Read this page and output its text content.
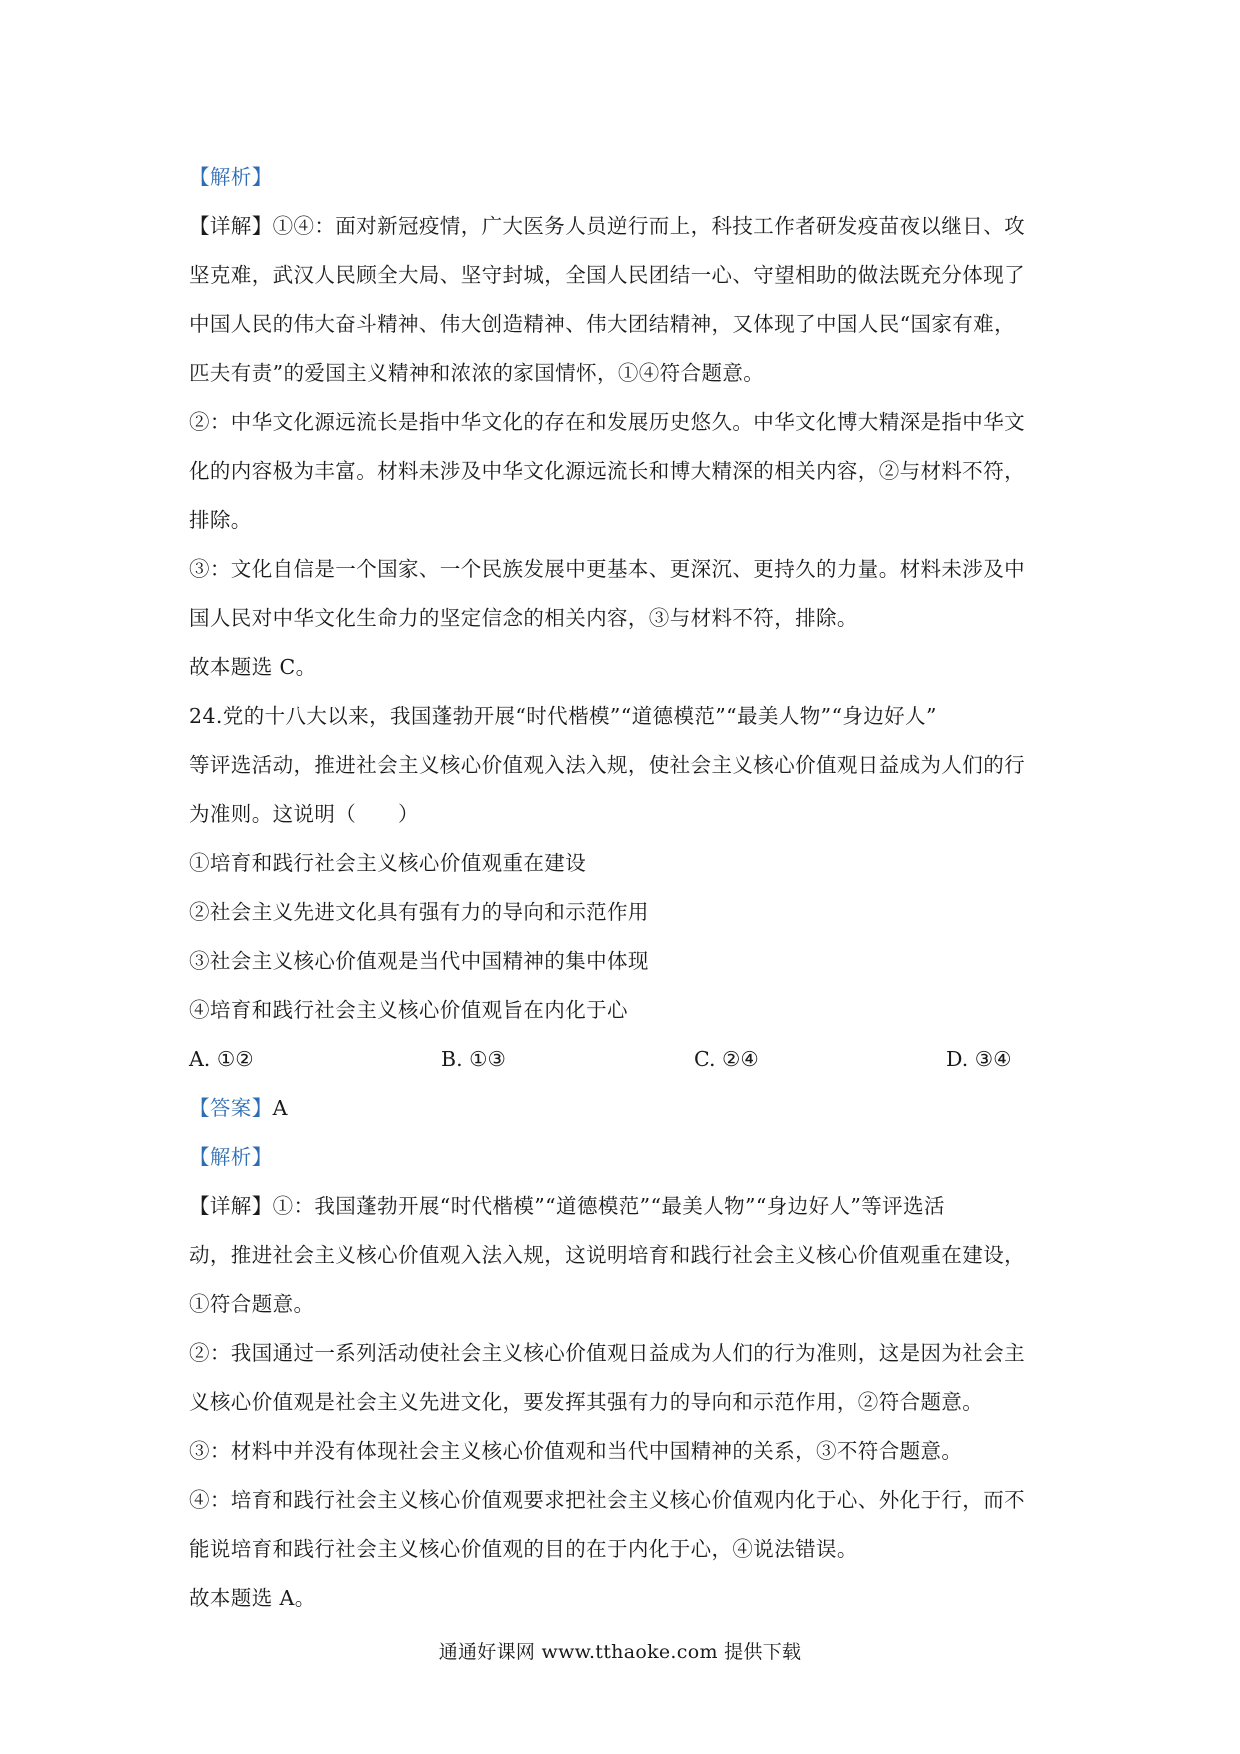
【解析】
【详解】①④：面对新冠疫情，广大医务人员逆行而上，科技工作者研发疫苗夜以继日、攻
坚克难，武汉人民顾全大局、坚守封城，全国人民团结一心、守望相助的做法既充分体现了
中国人民的伟大奋斗精神、伟大创造精神、伟大团结精神，又体现了中国人民“国家有难，
匹夫有责”的爱国主义精神和浓浓的家国情怀，①④符合题意。
②：中华文化源远流长是指中华文化的存在和发展历史悠久。中华文化博大精深是指中华文
化的内容极为丰富。材料未涉及中华文化源远流长和博大精深的相关内容，②与材料不符，
排除。
③：文化自信是一个国家、一个民族发展中更基本、更深沉、更持久的力量。材料未涉及中
国人民对中华文化生命力的坚定信念的相关内容，③与材料不符，排除。
故本题选 C。
24.党的十八大以来，我国蓬勃开展“时代楷模”“道德模范”“最美人物”“身边好人”
等评选活动，推进社会主义核心价值观入法入规，使社会主义核心价值观日益成为人们的行
为准则。这说明（　　）
①培育和践行社会主义核心价值观重在建设
②社会主义先进文化具有强有力的导向和示范作用
③社会主义核心价值观是当代中国精神的集中体现
④培育和践行社会主义核心价值观旨在内化于心
A. ①②	B. ①③	C. ②④	D. ③④
【答案】A
【解析】
【详解】①：我国蓬勃开展“时代楷模”“道德模范”“最美人物”“身边好人”等评选活
动，推进社会主义核心价值观入法入规，这说明培育和践行社会主义核心价值观重在建设，
①符合题意。
②：我国通过一系列活动使社会主义核心价值观日益成为人们的行为准则，这是因为社会主
义核心价值观是社会主义先进文化，要发挥其强有力的导向和示范作用，②符合题意。
③：材料中并没有体现社会主义核心价值观和当代中国精神的关系，③不符合题意。
④：培育和践行社会主义核心价值观要求把社会主义核心价值观内化于心、外化于行，而不
能说培育和践行社会主义核心价值观的目的在于内化于心，④说法错误。
故本题选 A。
通通好课网 www.tthaoke.com 提供下载
